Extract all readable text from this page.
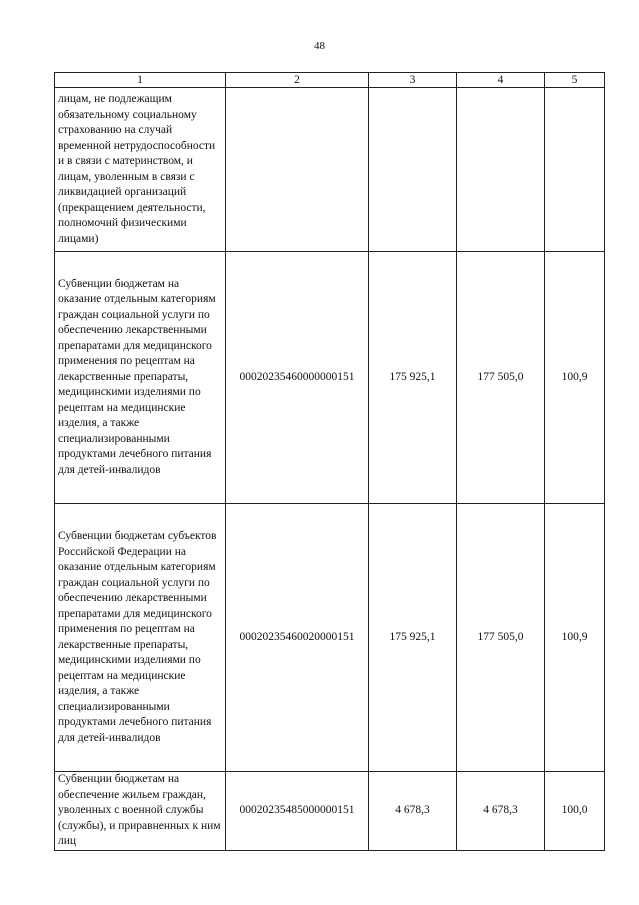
48
1	2	3	4	5
лицам, не подлежащим обязательному социальному страхованию на случай временной нетрудоспособности и в связи с материнством, и лицам, уволенным в связи с ликвидацией организаций (прекращением деятельности, полномочий физическими лицами)				
Субвенции бюджетам на оказание отдельным категориям граждан социальной услуги по обеспечению лекарственными препаратами для медицинского применения по рецептам на лекарственные препараты, медицинскими изделиями по рецептам на медицинские изделия, а также специализированными продуктами лечебного питания для детей-инвалидов	00020235460000000151	175 925,1	177 505,0	100,9
Субвенции бюджетам субъектов Российской Федерации на оказание отдельным категориям граждан социальной услуги по обеспечению лекарственными препаратами для медицинского применения по рецептам на лекарственные препараты, медицинскими изделиями по рецептам на медицинские изделия, а также специализированными продуктами лечебного питания для детей-инвалидов	00020235460020000151	175 925,1	177 505,0	100,9
Субвенции бюджетам на обеспечение жильем граждан, уволенных с военной службы (службы), и приравненных к ним лиц	00020235485000000151	4 678,3	4 678,3	100,0
